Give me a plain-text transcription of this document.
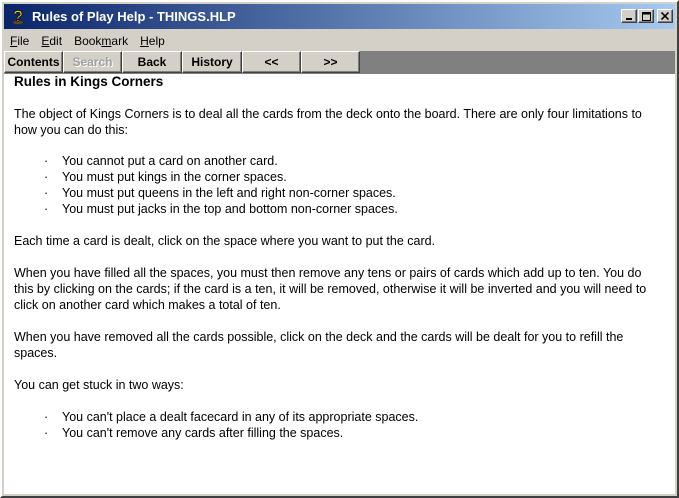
Rules of Play Help - THINGS.HLP
File	Edit	Bookmark	Help
Contents	Search	Back	History	<<	>>
Rules in Kings Corners

The object of Kings Corners is to deal all the cards from the deck onto the board. There are only four limitations to how you can do this:

·	You cannot put a card on another card.
·	You must put kings in the corner spaces.
·	You must put queens in the left and right non-corner spaces.
·	You must put jacks in the top and bottom non-corner spaces.

Each time a card is dealt, click on the space where you want to put the card.

When you have filled all the spaces, you must then remove any tens or pairs of cards which add up to ten. You do this by clicking on the cards; if the card is a ten, it will be removed, otherwise it will be inverted and you will need to click on another card which makes a total of ten.

When you have removed all the cards possible, click on the deck and the cards will be dealt for you to refill the spaces.

You can get stuck in two ways:

·	You can't place a dealt facecard in any of its appropriate spaces.
·	You can't remove any cards after filling the spaces.
